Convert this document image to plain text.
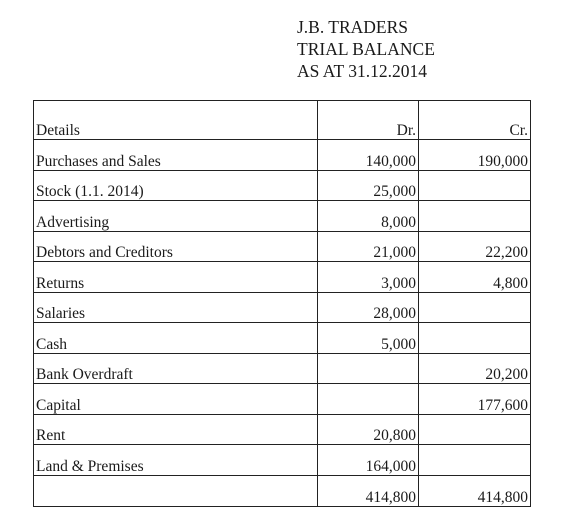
J.B. TRADERS
TRIAL BALANCE
AS AT 31.12.2014
Details	Dr.	Cr.
Purchases and Sales	140,000	190,000
Stock (1.1. 2014)	25,000	
Advertising	8,000	
Debtors and Creditors	21,000	22,200
Returns	3,000	4,800
Salaries	28,000	
Cash	5,000	
Bank Overdraft		20,200
Capital		177,600
Rent	20,800	
Land & Premises	164,000	
	414,800	414,800
